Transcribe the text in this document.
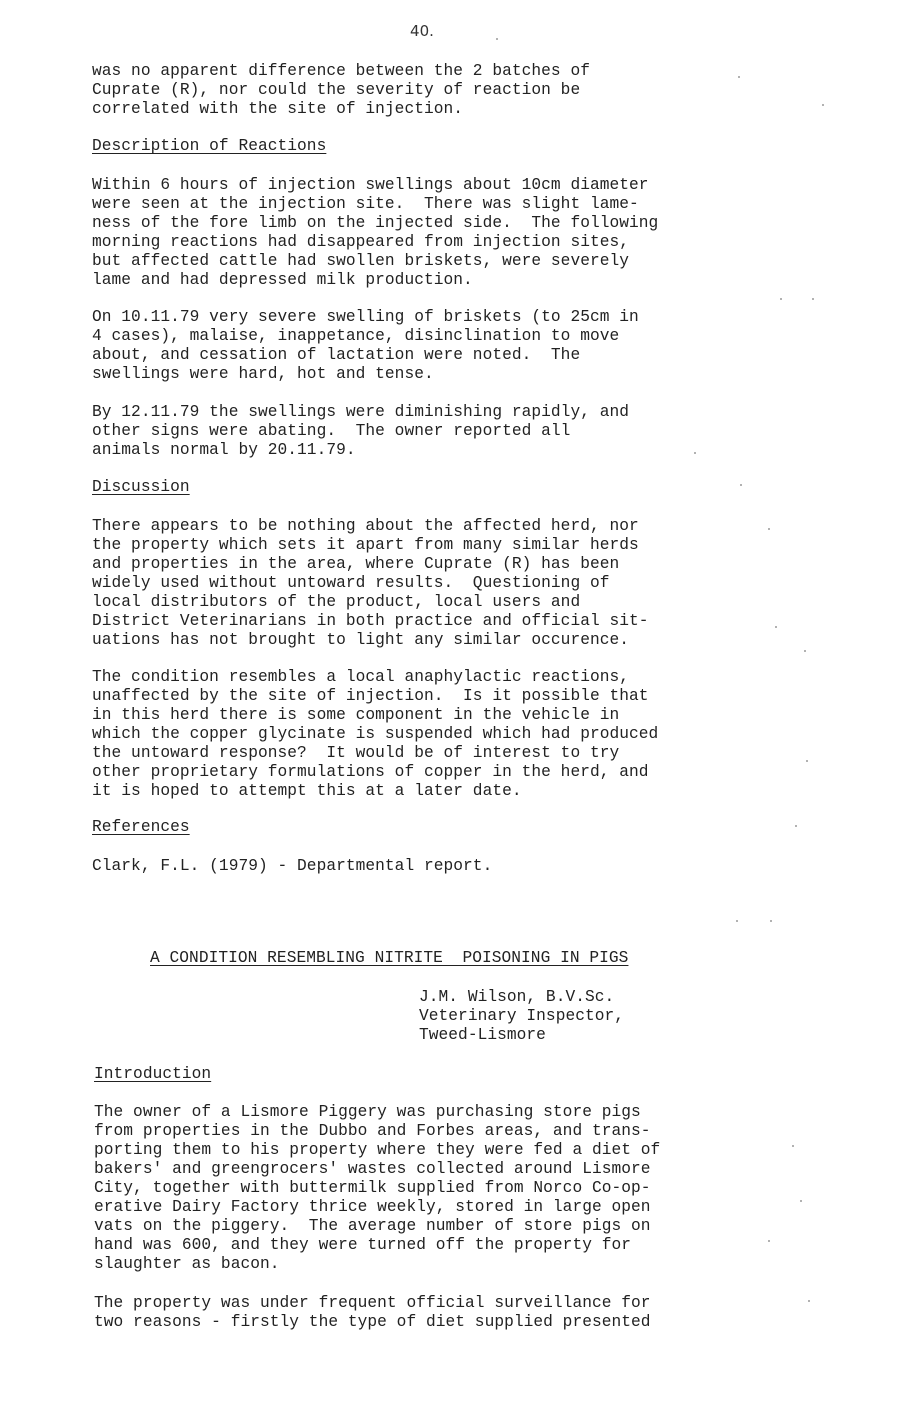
40.
was no apparent difference between the 2 batches of
Cuprate (R), nor could the severity of reaction be
correlated with the site of injection.
Description of Reactions
Within 6 hours of injection swellings about 10cm diameter
were seen at the injection site.  There was slight lame-
ness of the fore limb on the injected side.  The following
morning reactions had disappeared from injection sites,
but affected cattle had swollen briskets, were severely
lame and had depressed milk production.
On 10.11.79 very severe swelling of briskets (to 25cm in
4 cases), malaise, inappetance, disinclination to move
about, and cessation of lactation were noted.  The
swellings were hard, hot and tense.
By 12.11.79 the swellings were diminishing rapidly, and
other signs were abating.  The owner reported all
animals normal by 20.11.79.
Discussion
There appears to be nothing about the affected herd, nor
the property which sets it apart from many similar herds
and properties in the area, where Cuprate (R) has been
widely used without untoward results.  Questioning of
local distributors of the product, local users and
District Veterinarians in both practice and official sit-
uations has not brought to light any similar occurence.
The condition resembles a local anaphylactic reactions,
unaffected by the site of injection.  Is it possible that
in this herd there is some component in the vehicle in
which the copper glycinate is suspended which had produced
the untoward response?  It would be of interest to try
other proprietary formulations of copper in the herd, and
it is hoped to attempt this at a later date.
References
Clark, F.L. (1979) - Departmental report.
A CONDITION RESEMBLING NITRITE  POISONING IN PIGS
J.M. Wilson, B.V.Sc.
Veterinary Inspector,
Tweed-Lismore
Introduction
The owner of a Lismore Piggery was purchasing store pigs
from properties in the Dubbo and Forbes areas, and trans-
porting them to his property where they were fed a diet of
bakers' and greengrocers' wastes collected around Lismore
City, together with buttermilk supplied from Norco Co-op-
erative Dairy Factory thrice weekly, stored in large open
vats on the piggery.  The average number of store pigs on
hand was 600, and they were turned off the property for
slaughter as bacon.
The property was under frequent official surveillance for
two reasons - firstly the type of diet supplied presented
